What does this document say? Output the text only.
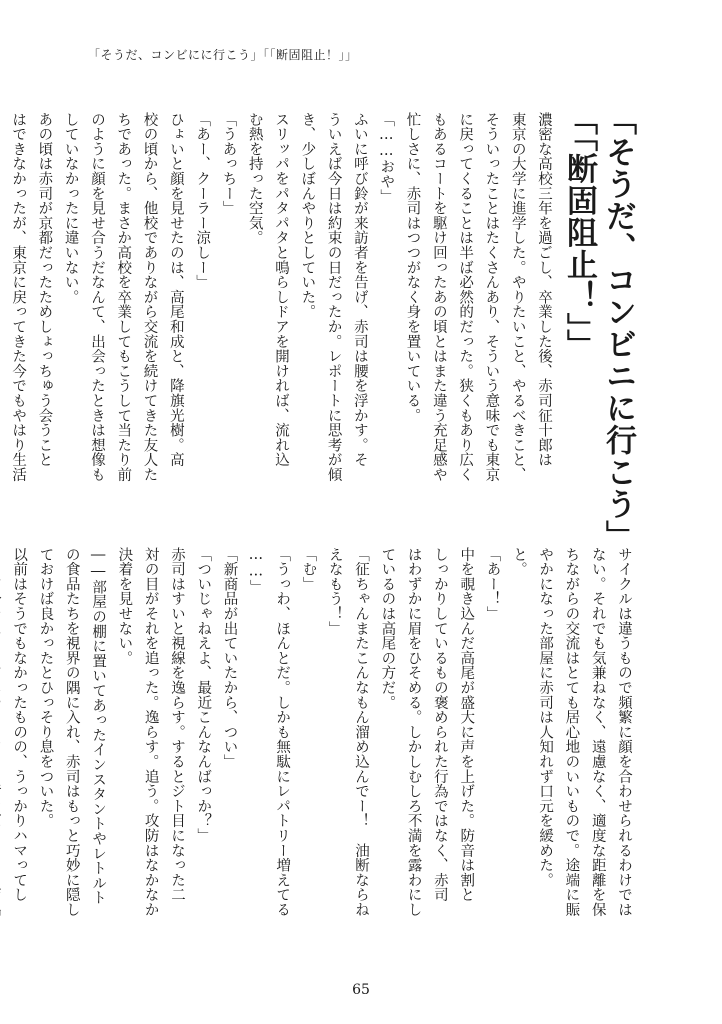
「そうだ、コンビにに行こう」「「断固阻止！」」

「そうだ、コンビニに行こう」

「「断固阻止！」」

濃密な高校三年を過ごし、卒業した後、赤司征十郎は

東京の大学に進学した。やりたいこと、やるべきこと、

そういったことはたくさんあり、そういう意味でも東京

に戻ってくることは半ば必然的だった。狭くもあり広く

もあるコートを駆け回ったあの頃とはまた違う充足感や

忙しさに、赤司はつつがなく身を置いている。

「……おや」

ふいに呼び鈴が来訪者を告げ、赤司は腰を浮かす。そ

ういえば今日は約束の日だったか。レポートに思考が傾

き、少しぼんやりとしていた。

スリッパをパタパタと鳴らしドアを開ければ、流れ込

む熱を持った空気。

「うあっちー」

「あー、クーラー涼しー」

ひょいと顔を見せたのは、高尾和成と、降旗光樹。高

校の頃から、他校でありながら交流を続けてきた友人た

ちであった。まさか高校を卒業してもこうして当たり前

のように顔を見せ合うだなんて、出会ったときは想像も

していなかったに違いない。

あの頃は赤司が京都だったためしょっちゅう会うこと

はできなかったが、東京に戻ってきた今でもやはり生活

サイクルは違うもので頻繁に顔を合わせられるわけでは

ない。それでも気兼ねなく、遠慮なく、適度な距離を保

ちながらの交流はとても居心地のいいもので。途端に賑

やかになった部屋に赤司は人知れず口元を緩めた。

と。

「あー！」

中を覗き込んだ高尾が盛大に声を上げた。防音は割と

しっかりしているもの褒められた行為ではなく、赤司

はわずかに眉をひそめる。しかしむしろ不満を露わにし

ているのは高尾の方だ。

「征ちゃんまたこんなもん溜め込んでー！　油断ならね

えなもう！」

「む」

「うっわ、ほんとだ。しかも無駄にレパトリー増えてる

……」

「新商品が出ていたから、つい」

「ついじゃねえよ、最近こんなんばっか？」

赤司はすいと視線を逸らす。するとジト目になった二

対の目がそれを追った。逸らす。追う。攻防はなかなか

決着を見せない。

――部屋の棚に置いてあったインスタントやレトルト

の食品たちを視界の隅に入れ、赤司はもっと巧妙に隠し

ておけば良かったとひっそり息をついた。

以前はそうでもなかったものの、うっかりハマってし

65
